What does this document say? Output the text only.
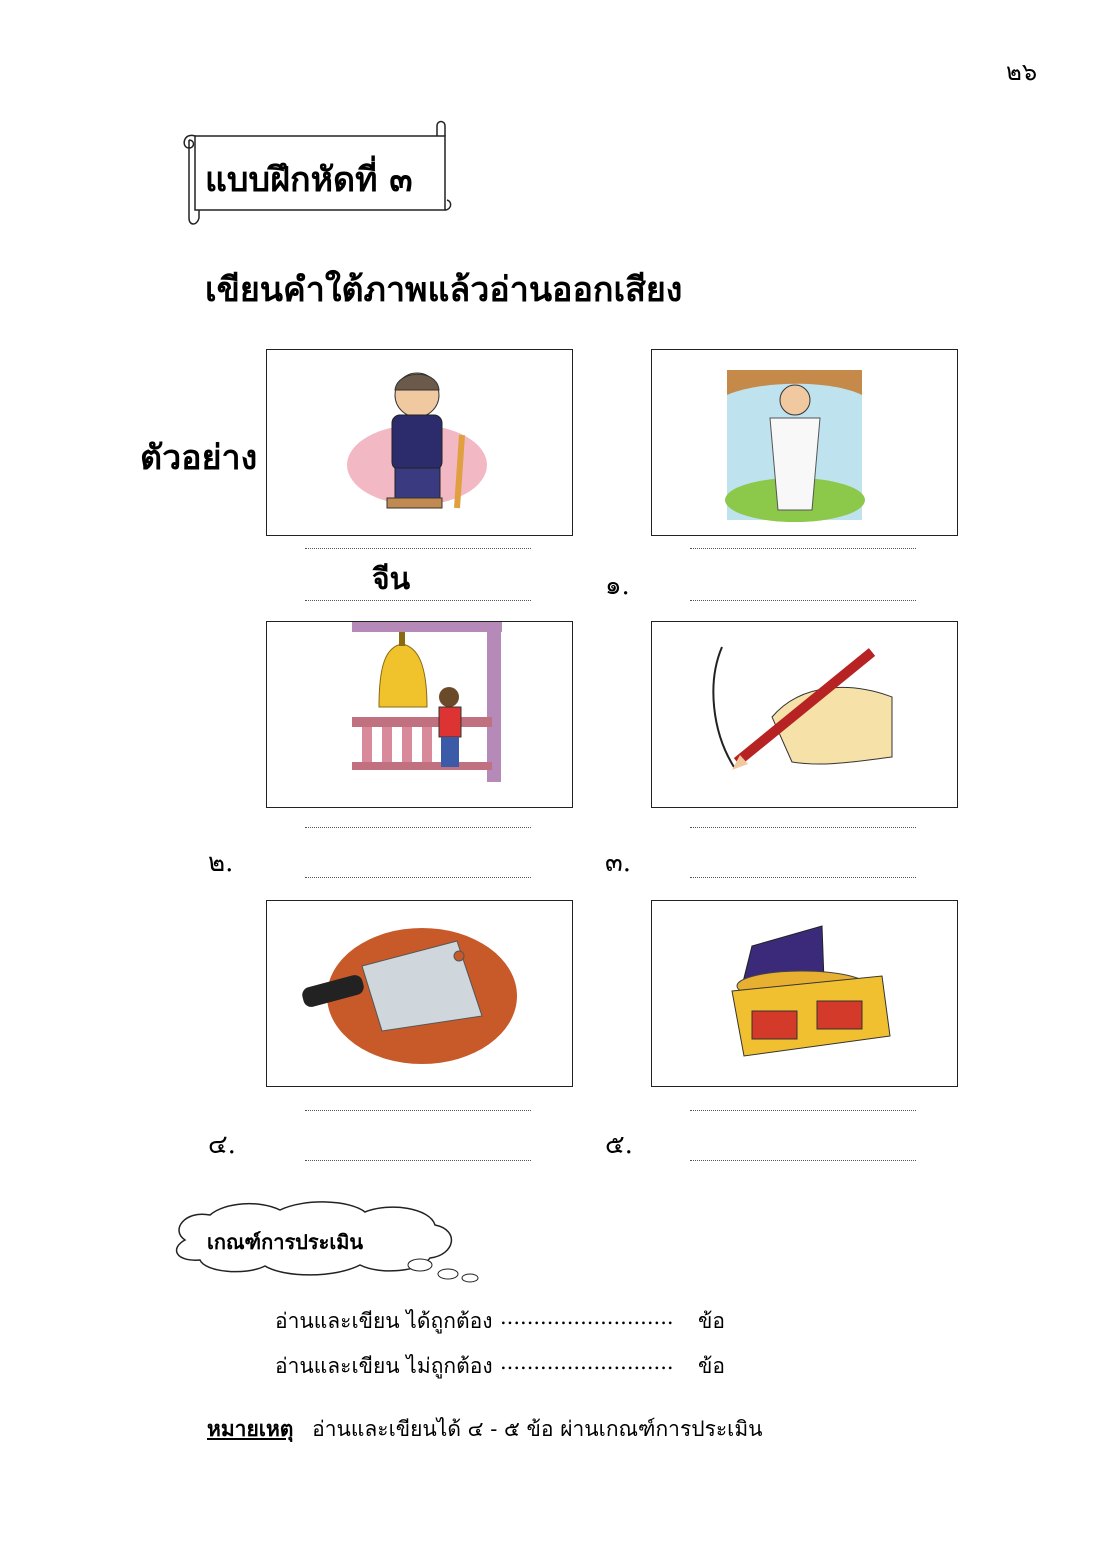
๒๖
แบบฝึกหัดที่ ๓
เขียนคำใต้ภาพแล้วอ่านออกเสียง
ตัวอย่าง
จีน	๑.
๒.	๓.
๔.	๕.
เกณฑ์การประเมิน
อ่านและเขียน ได้ถูกต้อง .......................... ข้อ
อ่านและเขียน ไม่ถูกต้อง .......................... ข้อ
หมายเหตุ อ่านและเขียนได้ ๔ - ๕ ข้อ ผ่านเกณฑ์การประเมิน
